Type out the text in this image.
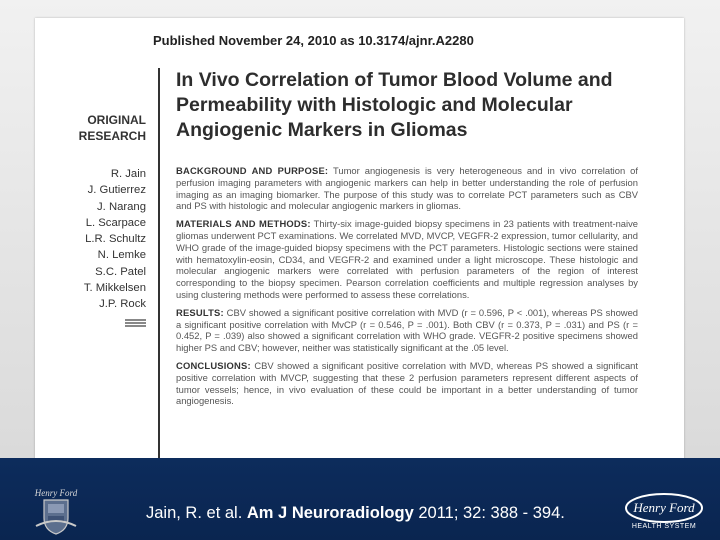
Published November 24, 2010 as 10.3174/ajnr.A2280
In Vivo Correlation of Tumor Blood Volume and
Permeability with Histologic and Molecular
Angiogenic Markers in Gliomas
ORIGINAL
RESEARCH
R. Jain
J. Gutierrez
J. Narang
L. Scarpace
L.R. Schultz
N. Lemke
S.C. Patel
T. Mikkelsen
J.P. Rock

BACKGROUND AND PURPOSE: Tumor angiogenesis is very heterogeneous and in vivo correlation of perfusion imaging parameters with angiogenic markers can help in better understanding the role of perfusion imaging as an imaging biomarker. The purpose of this study was to correlate PCT parameters such as CBV and PS with histologic and molecular angiogenic markers in gliomas.

MATERIALS AND METHODS: Thirty-six image-guided biopsy specimens in 23 patients with treatment-naive gliomas underwent PCT examinations. We correlated MVD, MVCP, VEGFR-2 expression, tumor cellularity, and WHO grade of the image-guided biopsy specimens with the PCT parameters. Histologic sections were stained with hematoxylin-eosin, CD34, and VEGFR-2 and examined under a light microscope. These histologic and molecular angiogenic markers were correlated with perfusion parameters of the region of interest corresponding to the biopsy specimen. Pearson correlation coefficients and multiple regression analyses by using clustering methods were performed to assess these correlations.

RESULTS: CBV showed a significant positive correlation with MVD (r = 0.596, P < .001), whereas PS showed a significant positive correlation with MvCP (r = 0.546, P = .001). Both CBV (r = 0.373, P = .031) and PS (r = 0.452, P = .039) also showed a significant correlation with WHO grade. VEGFR-2 positive specimens showed higher PS and CBV; however, neither was statistically significant at the .05 level.

CONCLUSIONS: CBV showed a significant positive correlation with MVD, whereas PS showed a significant positive correlation with MVCP, suggesting that these 2 perfusion parameters represent different aspects of tumor vessels; hence, in vivo evaluation of these could be important in a better understanding of tumor angiogenesis.

Henry Ford
Jain, R. et al. Am J Neuroradiology 2011; 32: 388 - 394.	Henry Ford
HEALTH SYSTEM
